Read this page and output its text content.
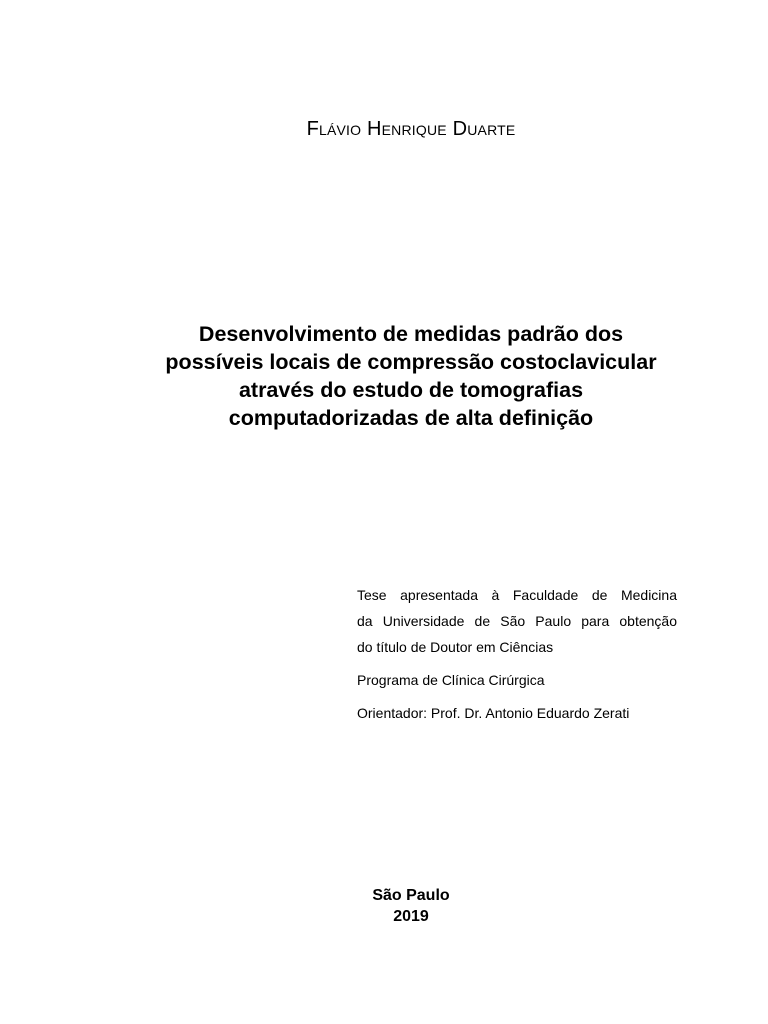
Flávio Henrique Duarte
Desenvolvimento de medidas padrão dos
possíveis locais de compressão costoclavicular
através do estudo de tomografias
computadorizadas de alta definição
Tese apresentada à Faculdade de Medicina
da Universidade de São Paulo para obtenção
do título de Doutor em Ciências
Programa de Clínica Cirúrgica
Orientador: Prof. Dr. Antonio Eduardo Zerati
São Paulo
2019
